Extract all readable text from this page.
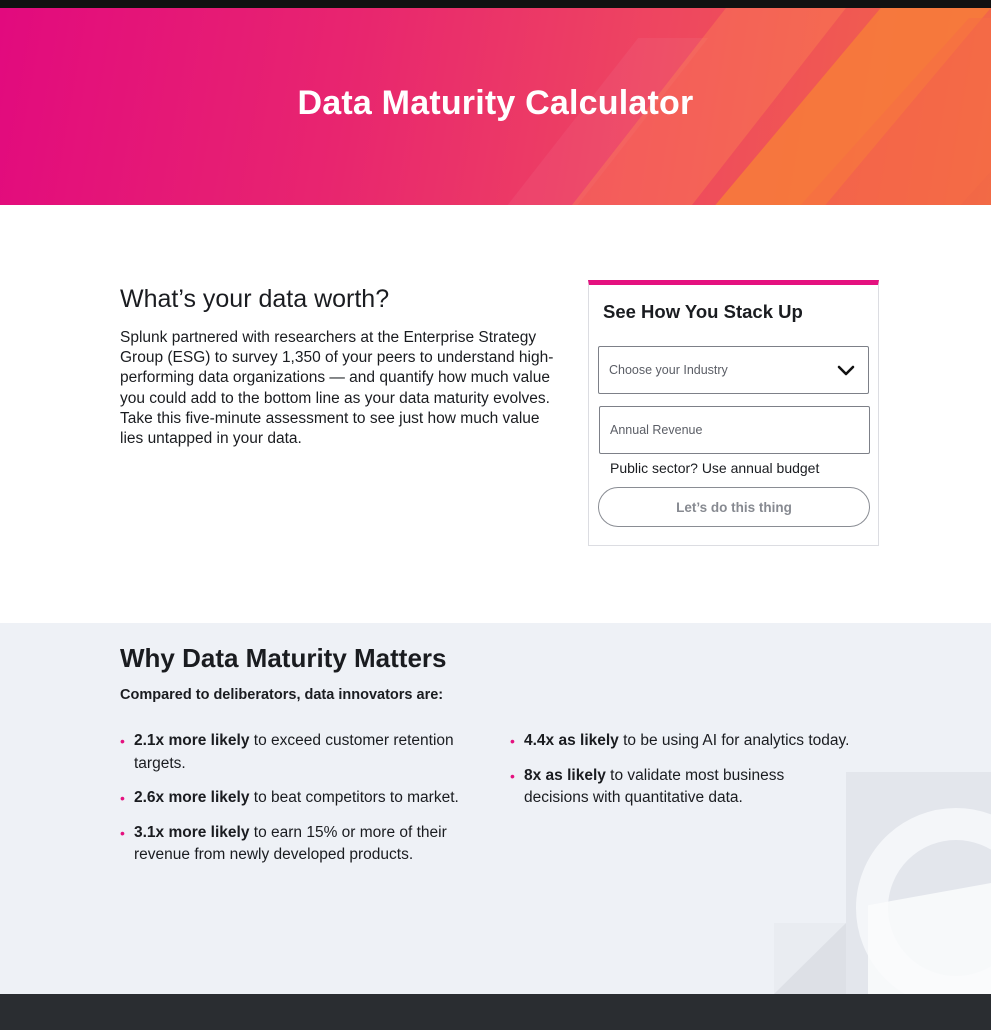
Data Maturity Calculator
What’s your data worth?

Splunk partnered with researchers at the Enterprise Strategy Group (ESG) to survey 1,350 of your peers to understand high-performing data organizations — and quantify how much value you could add to the bottom line as your data maturity evolves. Take this five-minute assessment to see just how much value lies untapped in your data.

See How You Stack Up
Choose your Industry
Annual Revenue
Public sector? Use annual budget
Let’s do this thing
Why Data Maturity Matters

Compared to deliberators, data innovators are:

• 2.1x more likely to exceed customer retention targets.
• 2.6x more likely to beat competitors to market.
• 3.1x more likely to earn 15% or more of their revenue from newly developed products.
• 4.4x as likely to be using AI for analytics today.
• 8x as likely to validate most business decisions with quantitative data.
